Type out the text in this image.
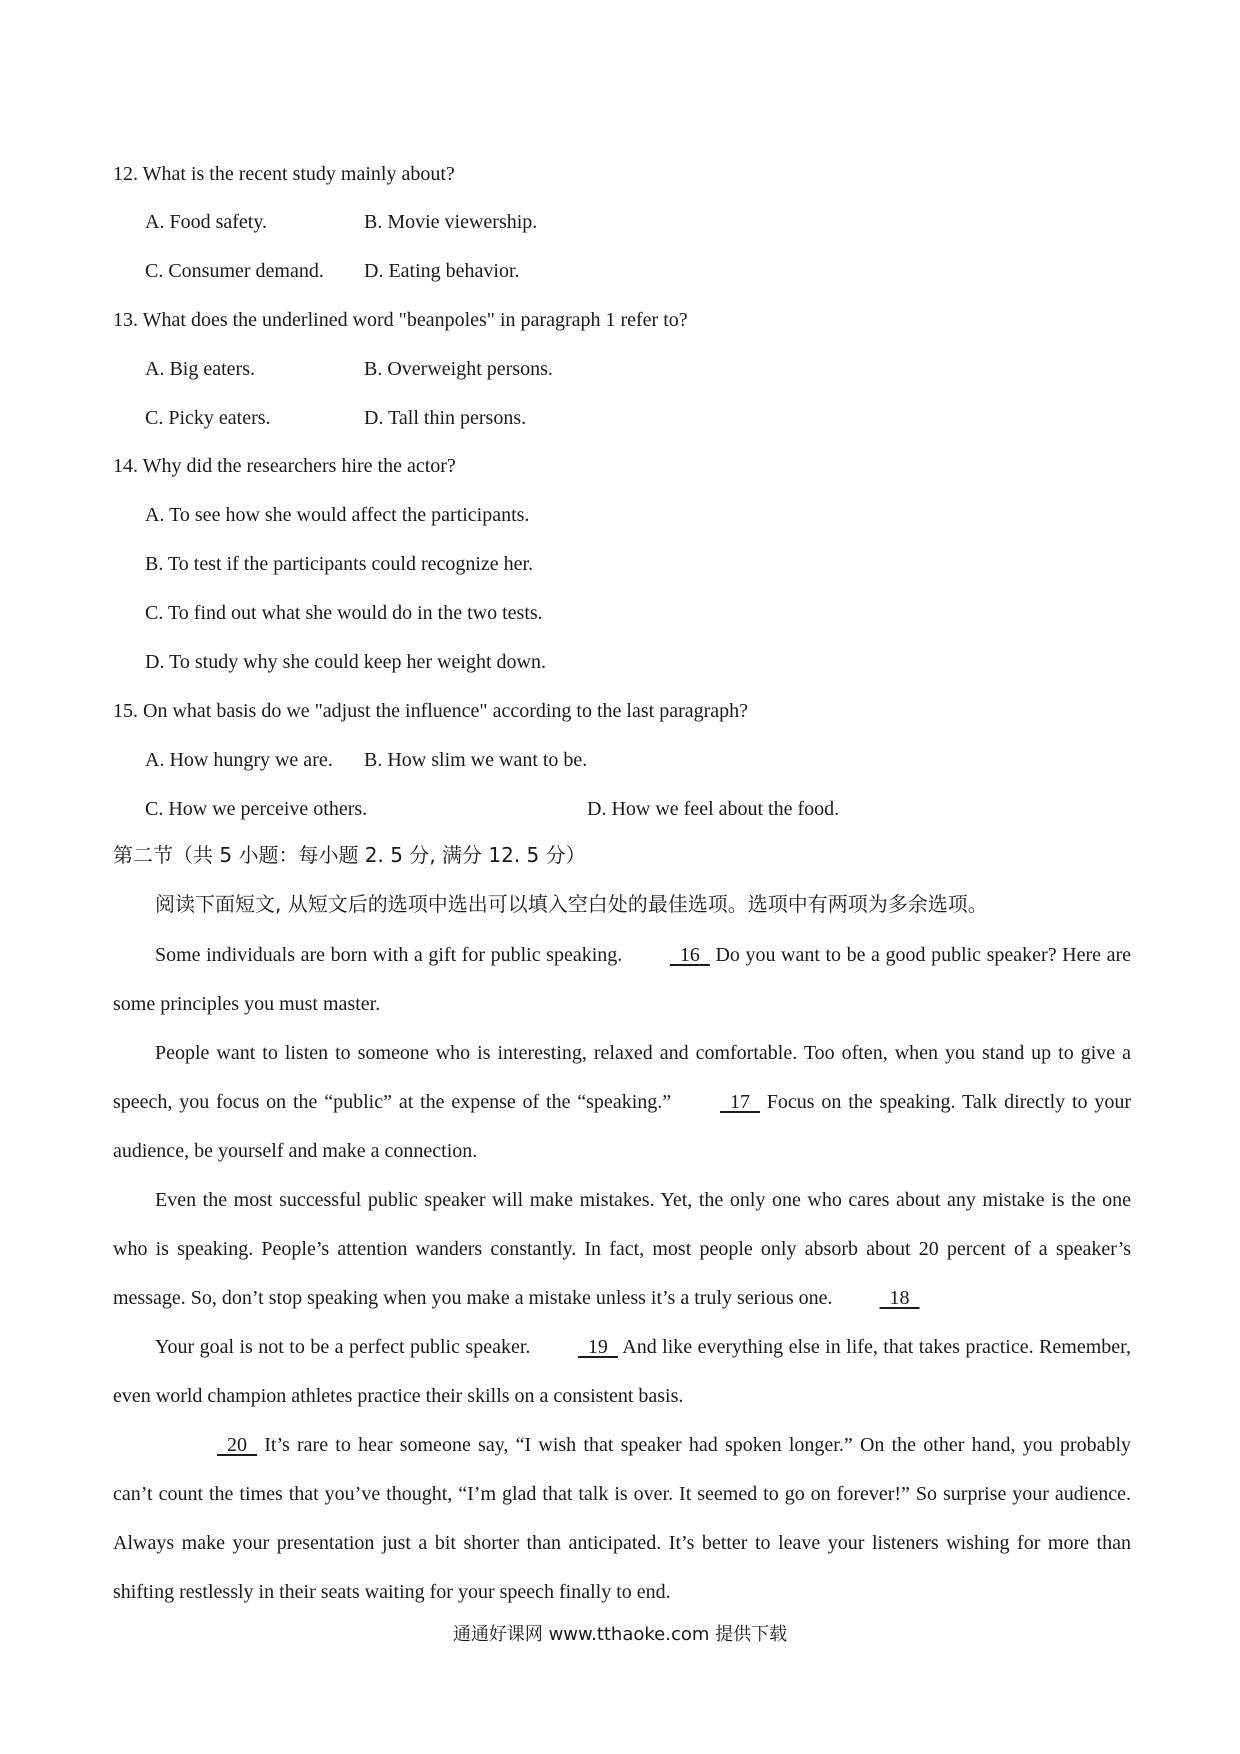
12. What is the recent study mainly about?
A. Food safety.	B. Movie viewership.
C. Consumer demand. D. Eating behavior.
13. What does the underlined word "beanpoles" in paragraph 1 refer to?
A. Big eaters.	B. Overweight persons.
C. Picky eaters.	D. Tall thin persons.
14. Why did the researchers hire the actor?
A. To see how she would affect the participants.
B. To test if the participants could recognize her.
C. To find out what she would do in the two tests.
D. To study why she could keep her weight down.
15. On what basis do we "adjust the influence" according to the last paragraph?
A. How hungry we are. B. How slim we want to be.
C. How we perceive others.	D. How we feel about the food.
第二节（共 5 小题：每小题 2. 5 分, 满分 12. 5 分）
阅读下面短文, 从短文后的选项中选出可以填入空白处的最佳选项。选项中有两项为多余选项。

Some individuals are born with a gift for public speaking.	16 Do you want to be a good public speaker? Here are some principles you must master.

People want to listen to someone who is interesting, relaxed and comfortable. Too often, when you stand up to give a speech, you focus on the “public” at the expense of the “speaking.”	17 Focus on the speaking. Talk directly to your audience, be yourself and make a connection.

Even the most successful public speaker will make mistakes. Yet, the only one who cares about any mistake is the one who is speaking. People’s attention wanders constantly. In fact, most people only absorb about 20 percent of a speaker’s message. So, don’t stop speaking when you make a mistake unless it’s a truly serious one.	18

Your goal is not to be a perfect public speaker.	19 And like everything else in life, that takes practice. Remember, even world champion athletes practice their skills on a consistent basis.

20 It’s rare to hear someone say, “I wish that speaker had spoken longer.” On the other hand, you probably can’t count the times that you’ve thought, “I’m glad that talk is over. It seemed to go on forever!” So surprise your audience. Always make your presentation just a bit shorter than anticipated. It’s better to leave your listeners wishing for more than shifting restlessly in their seats waiting for your speech finally to end.

通通好课网 www.tthaoke.com 提供下载
